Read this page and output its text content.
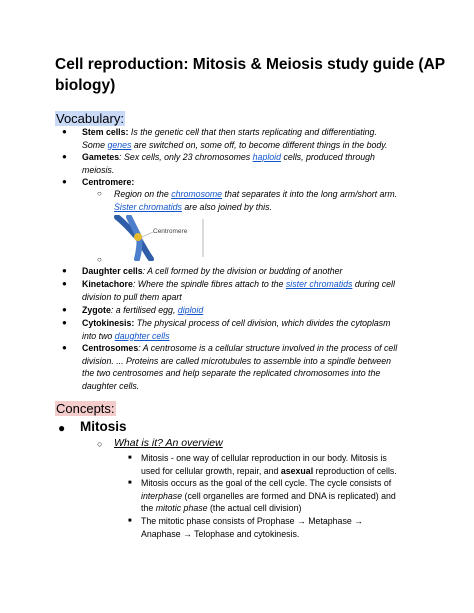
Cell reproduction: Mitosis & Meiosis study guide (AP biology)
Vocabulary:
● Stem cells: Is the genetic cell that then starts replicating and differentiating.
Some genes are switched on, some off, to become different things in the body.
● Gametes: Sex cells, only 23 chromosomes haploid cells, produced through
meiosis.
● Centromere:
○ Region on the chromosome that separates it into the long arm/short arm.
Sister chromatids are also joined by this.
Centromere
○
● Daughter cells: A cell formed by the division or budding of another
● Kinetachore: Where the spindle fibres attach to the sister chromatids during cell
division to pull them apart
● Zygote: a fertilised egg, diploid
● Cytokinesis: The physical process of cell division, which divides the cytoplasm
into two daughter cells
● Centrosomes: A centrosome is a cellular structure involved in the process of cell
division. ... Proteins are called microtubules to assemble into a spindle between
the two centrosomes and help separate the replicated chromosomes into the
daughter cells.
Concepts:
● Mitosis
○ What is it? An overview
■ Mitosis - one way of cellular reproduction in our body. Mitosis is
used for cellular growth, repair, and asexual reproduction of cells.
■ Mitosis occurs as the goal of the cell cycle. The cycle consists of
interphase (cell organelles are formed and DNA is replicated) and
the mitotic phase (the actual cell division)
■ The mitotic phase consists of Prophase → Metaphase →
Anaphase → Telophase and cytokinesis.
